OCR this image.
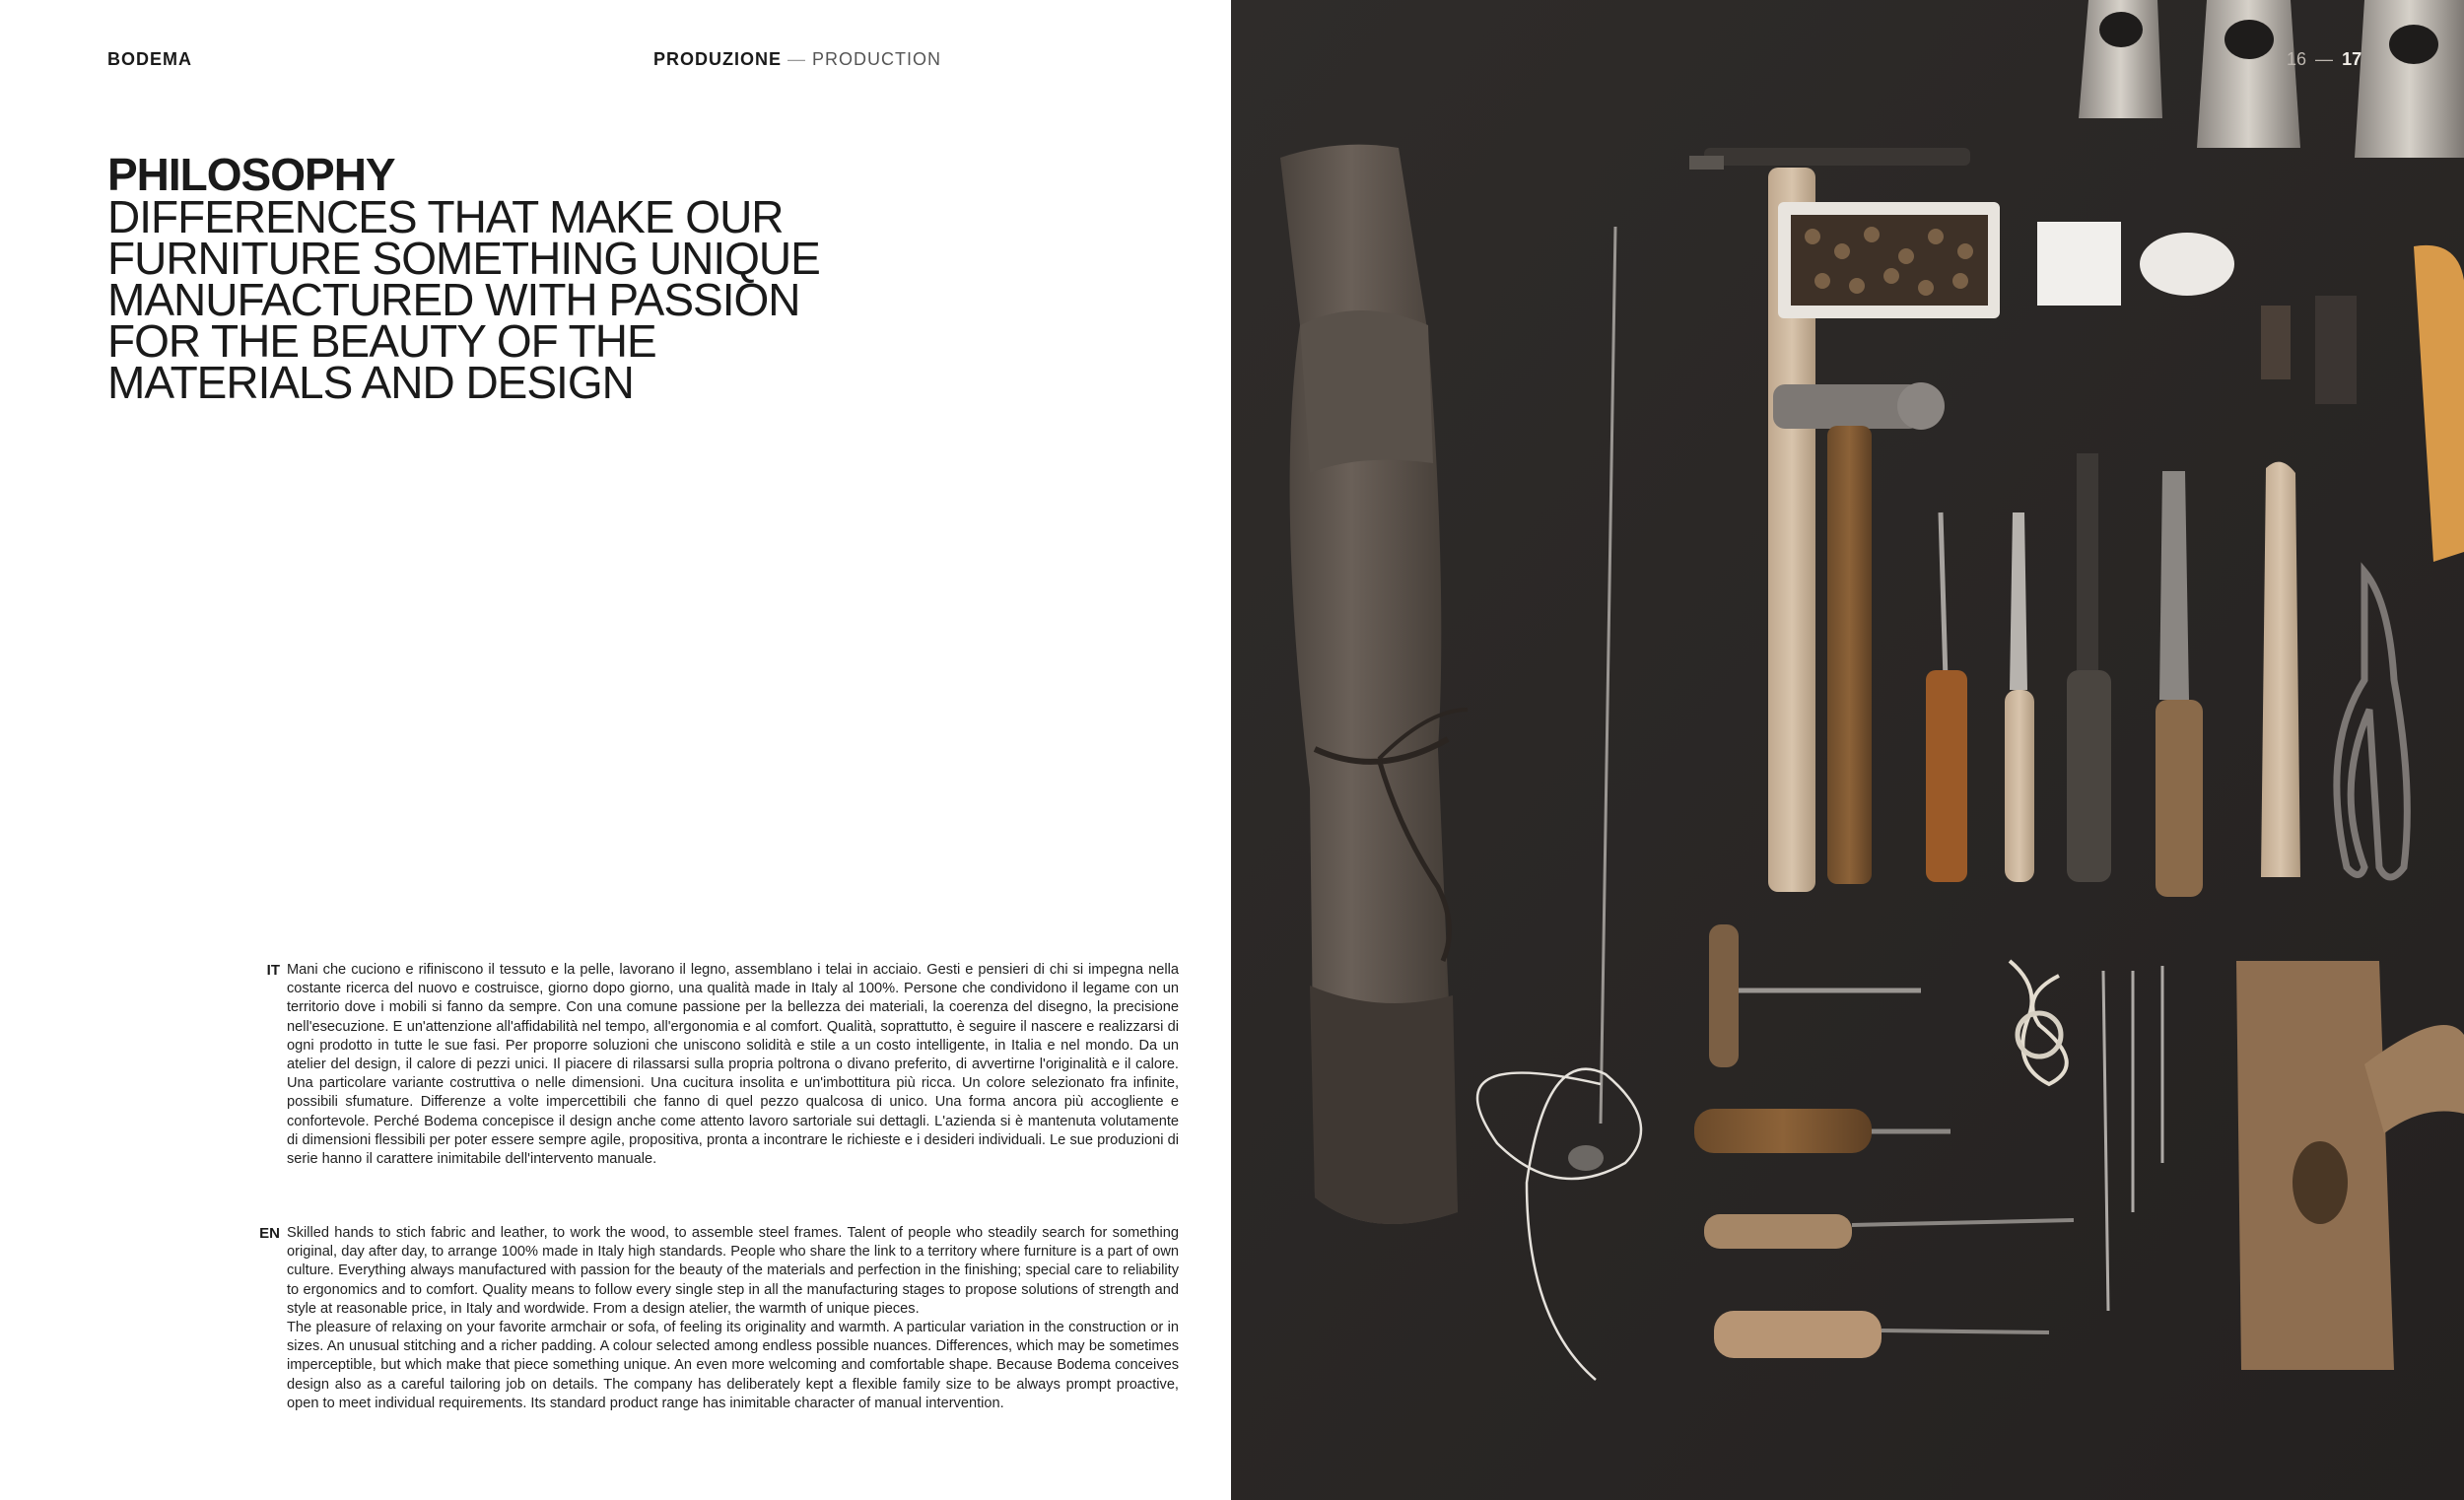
BODEMA	PRODUZIONE — PRODUCTION
PHILOSOPHY
DIFFERENCES THAT MAKE OUR
FURNITURE SOMETHING UNIQUE
MANUFACTURED WITH PASSION
FOR THE BEAUTY OF THE
MATERIALS AND DESIGN
IT Mani che cuciono e rifiniscono il tessuto e la pelle, lavorano il legno, assemblano i telai in acciaio. Gesti e pensieri di chi si impegna nella costante ricerca del nuovo e costruisce, giorno dopo giorno, una qualità made in Italy al 100%. Persone che condividono il legame con un territorio dove i mobili si fanno da sempre. Con una comune passione per la bellezza dei materiali, la coerenza del disegno, la precisione nell'esecuzione. E un'attenzione all'affidabilità nel tempo, all'ergonomia e al comfort. Qualità, soprattutto, è seguire il nascere e realizzarsi di ogni prodotto in tutte le sue fasi. Per proporre soluzioni che uniscono solidità e stile a un costo intelligente, in Italia e nel mondo. Da un atelier del design, il calore di pezzi unici. Il piacere di rilassarsi sulla propria poltrona o divano preferito, di avvertirne l'originalità e il calore. Una particolare variante costruttiva o nelle dimensioni. Una cucitura insolita e un'imbottitura più ricca. Un colore selezionato fra infinite, possibili sfumature. Differenze a volte impercettibili che fanno di quel pezzo qualcosa di unico. Una forma ancora più accogliente e confortevole. Perché Bodema concepisce il design anche come attento lavoro sartoriale sui dettagli. L'azienda si è mantenuta volutamente di dimensioni flessibili per poter essere sempre agile, propositiva, pronta a incontrare le richieste e i desideri individuali. Le sue produzioni di serie hanno il carattere inimitabile dell'intervento manuale.

EN Skilled hands to stich fabric and leather, to work the wood, to assemble steel frames. Talent of people who steadily search for something original, day after day, to arrange 100% made in Italy high standards. People who share the link to a territory where furniture is a part of own culture. Everything always manufactured with passion for the beauty of the materials and perfection in the finishing; special care to reliability to ergonomics and to comfort. Quality means to follow every single step in all the manufacturing stages to propose solutions of strength and style at reasonable price, in Italy and wordwide. From a design atelier, the warmth of unique pieces.

The pleasure of relaxing on your favorite armchair or sofa, of feeling its originality and warmth. A particular variation in the construction or in sizes. An unusual stitching and a richer padding. A colour selected among endless possible nuances. Differences, which may be sometimes imperceptible, but which make that piece something unique. An even more welcoming and comfortable shape. Because Bodema conceives design also as a careful tailoring job on details. The company has deliberately kept a flexible family size to be always prompt proactive, open to meet individual requirements. Its standard product range has inimitable character of manual intervention.

16 — 17
